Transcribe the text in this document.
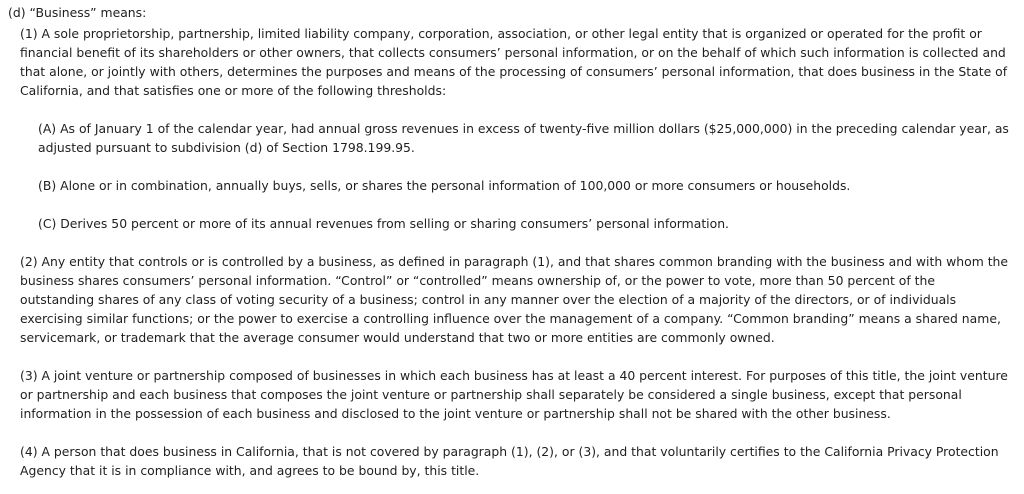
(d) “Business” means:
(1) A sole proprietorship, partnership, limited liability company, corporation, association, or other legal entity that is organized or operated for the profit or financial benefit of its shareholders or other owners, that collects consumers’ personal information, or on the behalf of which such information is collected and that alone, or jointly with others, determines the purposes and means of the processing of consumers’ personal information, that does business in the State of California, and that satisfies one or more of the following thresholds:
(A) As of January 1 of the calendar year, had annual gross revenues in excess of twenty-five million dollars ($25,000,000) in the preceding calendar year, as adjusted pursuant to subdivision (d) of Section 1798.199.95.
(B) Alone or in combination, annually buys, sells, or shares the personal information of 100,000 or more consumers or households.
(C) Derives 50 percent or more of its annual revenues from selling or sharing consumers’ personal information.
(2) Any entity that controls or is controlled by a business, as defined in paragraph (1), and that shares common branding with the business and with whom the business shares consumers’ personal information. “Control” or “controlled” means ownership of, or the power to vote, more than 50 percent of the outstanding shares of any class of voting security of a business; control in any manner over the election of a majority of the directors, or of individuals exercising similar functions; or the power to exercise a controlling influence over the management of a company. “Common branding” means a shared name, servicemark, or trademark that the average consumer would understand that two or more entities are commonly owned.
(3) A joint venture or partnership composed of businesses in which each business has at least a 40 percent interest. For purposes of this title, the joint venture or partnership and each business that composes the joint venture or partnership shall separately be considered a single business, except that personal information in the possession of each business and disclosed to the joint venture or partnership shall not be shared with the other business.
(4) A person that does business in California, that is not covered by paragraph (1), (2), or (3), and that voluntarily certifies to the California Privacy Protection Agency that it is in compliance with, and agrees to be bound by, this title.
